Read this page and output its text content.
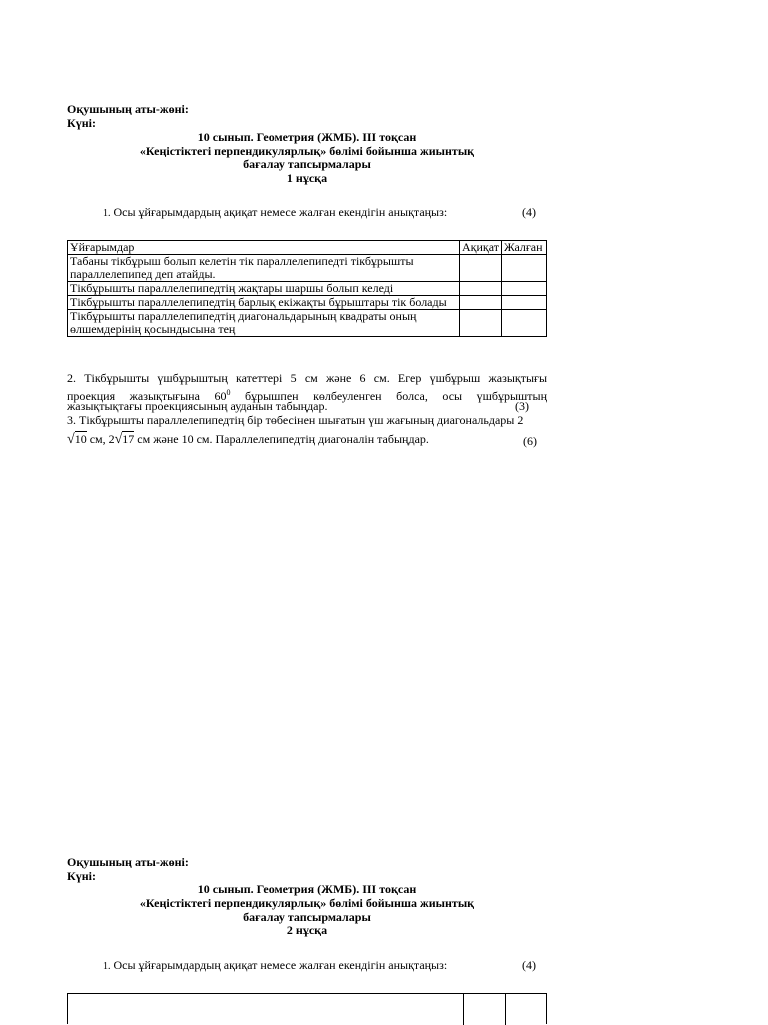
Оқушының аты-жөні:
Күні:
10 сынып. Геометрия (ЖМБ). ІІІ тоқсан
«Кеңістіктегі перпендикулярлық» бөлімі бойынша жиынтық
бағалау тапсырмалары
1 нұсқа
1. Осы ұйғарымдардың ақиқат немесе жалған екендігін анықтаңыз:	(4)
Ұйғарымдар	Ақиқат	Жалған

Табаны тікбұрыш болып келетін тік параллелепипедті тікбұрышты
параллелепипед деп атайды.		

Тікбұрышты параллелепипедтің жақтары шаршы болып келеді		

Тікбұрышты параллелепипедтің барлық екіжақты бұрыштары тік болады		

Тікбұрышты параллелепипедтің диагональдарының квадраты оның
өлшемдерінің қосындысына тең		

2. Тікбұрышты үшбұрыштың катеттері 5 см және 6 см. Егер үшбұрыш жазықтығы
проекция жазықтығына $60^0$ бұрышпен көлбеуленген болса, осы үшбұрыштың
жазықтықтағы проекциясының ауданын табыңдар.	(3)
3. Тікбұрышты параллелепипедтің бір төбесінен шығатын үш жағының диагональдары 2
√10 см, 2√17 см және 10 см. Параллелепипедтің диагоналін табыңдар.	(6)
Оқушының аты-жөні:
Күні:
10 сынып. Геометрия (ЖМБ). ІІІ тоқсан
«Кеңістіктегі перпендикулярлық» бөлімі бойынша жиынтық
бағалау тапсырмалары
2 нұсқа
1. Осы ұйғарымдардың ақиқат немесе жалған екендігін анықтаңыз:	(4)
